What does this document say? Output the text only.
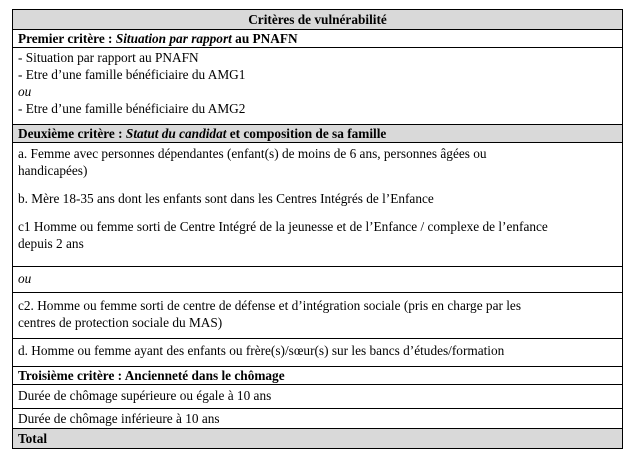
Critères de vulnérabilité
Premier critère : Situation par rapport au PNAFN
- Situation par rapport au PNAFN
- Etre d’une famille bénéficiaire du AMG1
ou
- Etre d’une famille bénéficiaire du AMG2
Deuxième critère : Statut du candidat et composition de sa famille
a. Femme avec personnes dépendantes (enfant(s) de moins de 6 ans, personnes âgées ou
handicapées)
b. Mère 18-35 ans dont les enfants sont dans les Centres Intégrés de l’Enfance
c1 Homme ou femme sorti de Centre Intégré de la jeunesse et de l’Enfance / complexe de l’enfance
depuis 2 ans
ou
c2. Homme ou femme sorti de centre de défense et d’intégration sociale (pris en charge par les
centres de protection sociale du MAS)
d. Homme ou femme ayant des enfants ou frère(s)/sœur(s) sur les bancs d’études/formation
Troisième critère : Ancienneté dans le chômage
Durée de chômage supérieure ou égale à 10 ans
Durée de chômage inférieure à 10 ans
Total
